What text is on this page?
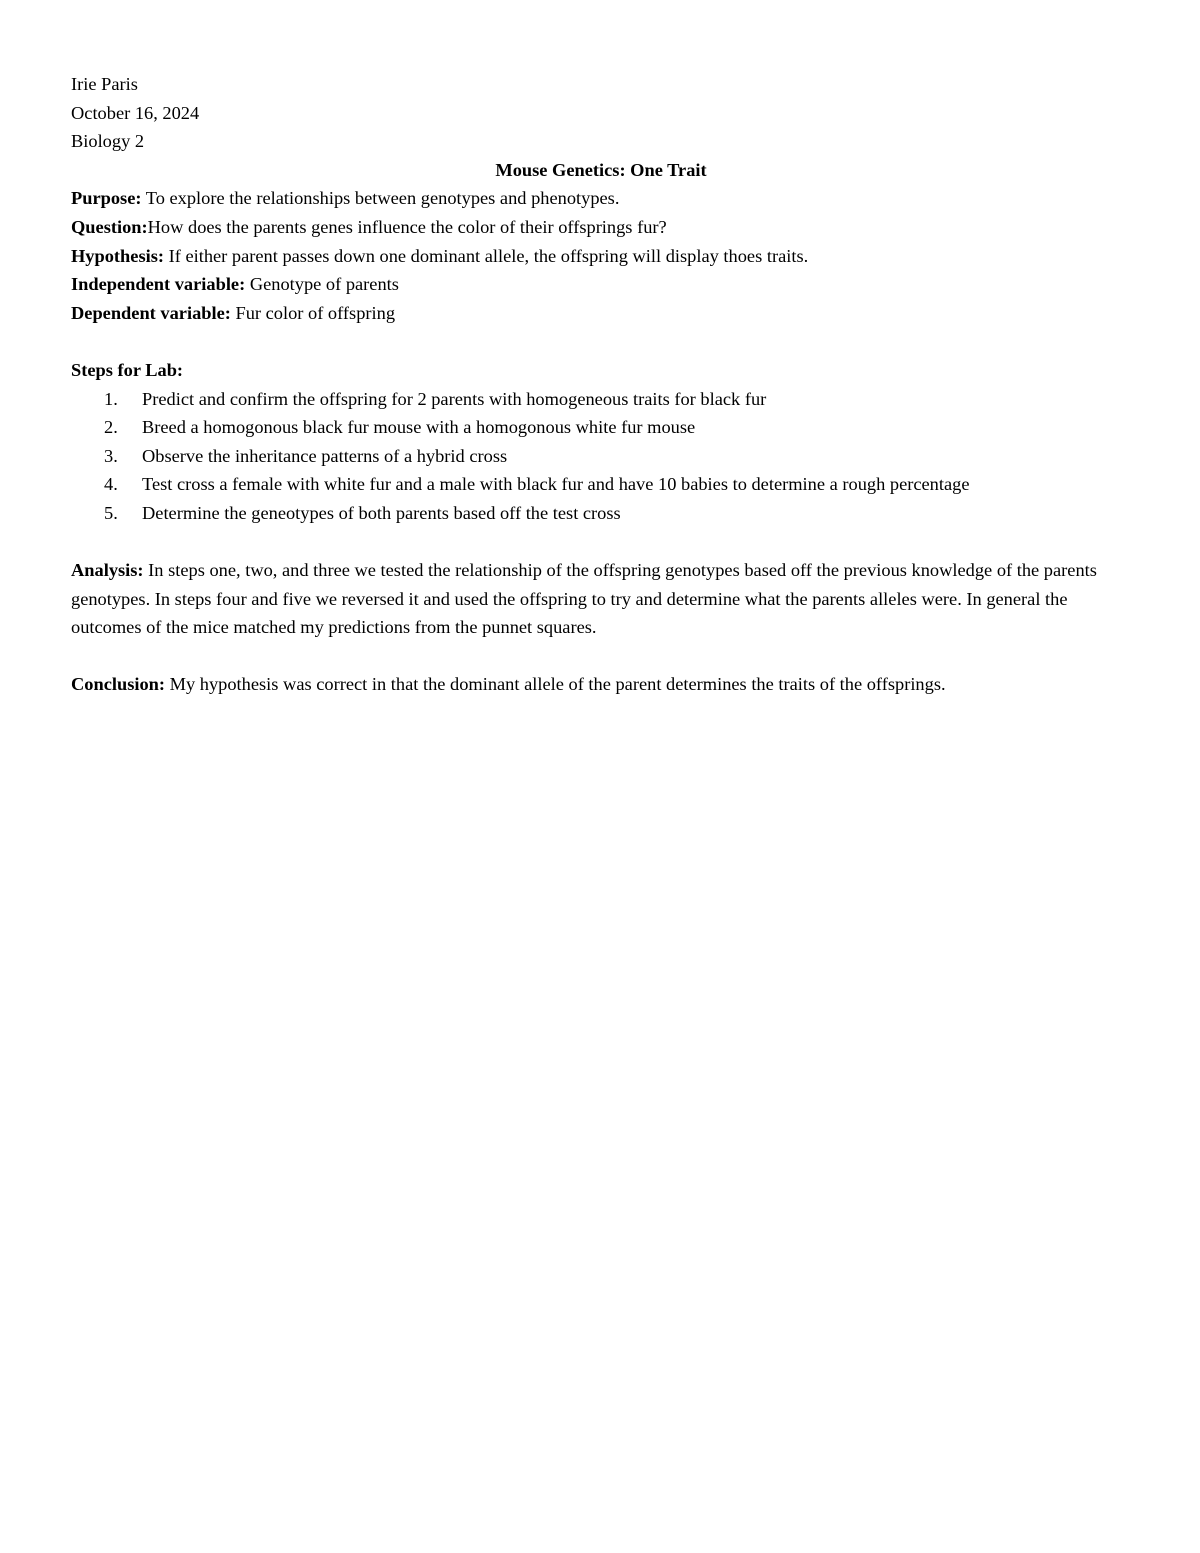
Irie Paris

October 16, 2024

Biology 2

Mouse Genetics: One Trait

Purpose: To explore the relationships between genotypes and phenotypes.

Question:How does the parents genes influence the color of their offsprings fur?

Hypothesis: If either parent passes down one dominant allele, the offspring will display thoes traits.

Independent variable: Genotype of parents

Dependent variable: Fur color of offspring

Steps for Lab:

1.	Predict and confirm the offspring for 2 parents with homogeneous traits for black fur
2.	Breed a homogonous black fur mouse with a homogonous white fur mouse
3.	Observe the inheritance patterns of a hybrid cross
4.	Test cross a female with white fur and a male with black fur and have 10 babies to determine a rough percentage
5.	Determine the geneotypes of both parents based off the test cross

Analysis: In steps one, two, and three we tested the relationship of the offspring genotypes based off the previous knowledge of the parents genotypes. In steps four and five we reversed it and used the offspring to try and determine what the parents alleles were. In general the outcomes of the mice matched my predictions from the punnet squares.

Conclusion: My hypothesis was correct in that the dominant allele of the parent determines the traits of the offsprings.
